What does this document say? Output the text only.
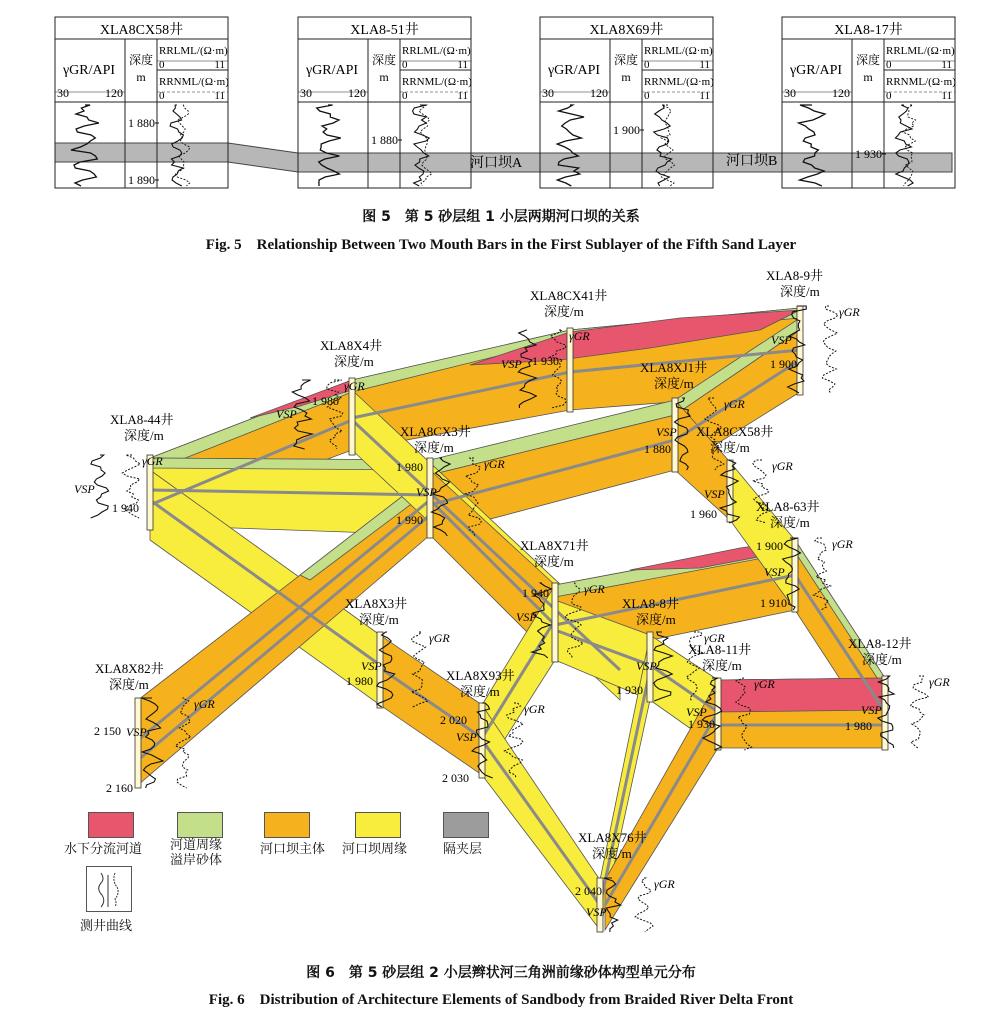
XLA8CX58井
γGR/API
30	120
深度
m
RRLML/(Ω·m)
0	11
RRNML/(Ω·m)
0	11
1 880
1 890
XLA8-51井
γGR/API
30	120
深度
m
RRLML/(Ω·m)
0	11
RRNML/(Ω·m)
0	11
1 880
XLA8X69井
γGR/API
30	120
深度
m
RRLML/(Ω·m)
0	11
RRNML/(Ω·m)
0	11
1 900
XLA8-17井
γGR/API
30	120
深度
m
RRLML/(Ω·m)
0	11
RRNML/(Ω·m)
0	11
1 930
河口坝A	河口坝B
图 5　第 5 砂层组 1 小层两期河口坝的关系
Fig. 5　Relationship Between Two Mouth Bars in the First Sublayer of the Fifth Sand Layer
XLA8-44井
深度/m
1 940
γGR
VSP
XLA8X4井
深度/m
1 980
γGR
VSP
XLA8CX41井
深度/m
1 930
γGR
VSP
XLA8-9井
深度/m
1 900
γGR
VSP
XLA8XJ1井
深度/m
1 880
γGR
VSP
XLA8CX3井
深度/m
1 980	γGR
VSP
XLA8CX58井
深度/m
1 960
γGR
VSP
XLA8-63井
深度/m
1 900	γGR
VSP
XLA8X71井
深度/m
1 940	γGR
VSP
XLA8X3井
深度/m
1 980
γGR
VSP
XLA8-8井
深度/m
1 930
γGR
VSP
XLA8-11井
深度/m
1 930
γGR
VSP
XLA8-12井
深度/m
1 980
γGR
VSP
XLA8X82井
深度/m
2 150
γGR
VSP
XLA8X93井
深度/m
2 020
γGR
VSP
XLA8X76井
深度/m
2 040	γGR
VSP
1 990
1 910
2 030
2 160
水下分流河道 河道周缘溢岸砂体
河口坝主体 河口坝周缘	隔夹层
测井曲线
图 6　第 5 砂层组 2 小层辫状河三角洲前缘砂体构型单元分布
Fig. 6　Distribution of Architecture Elements of Sandbody from Braided River Delta Front
